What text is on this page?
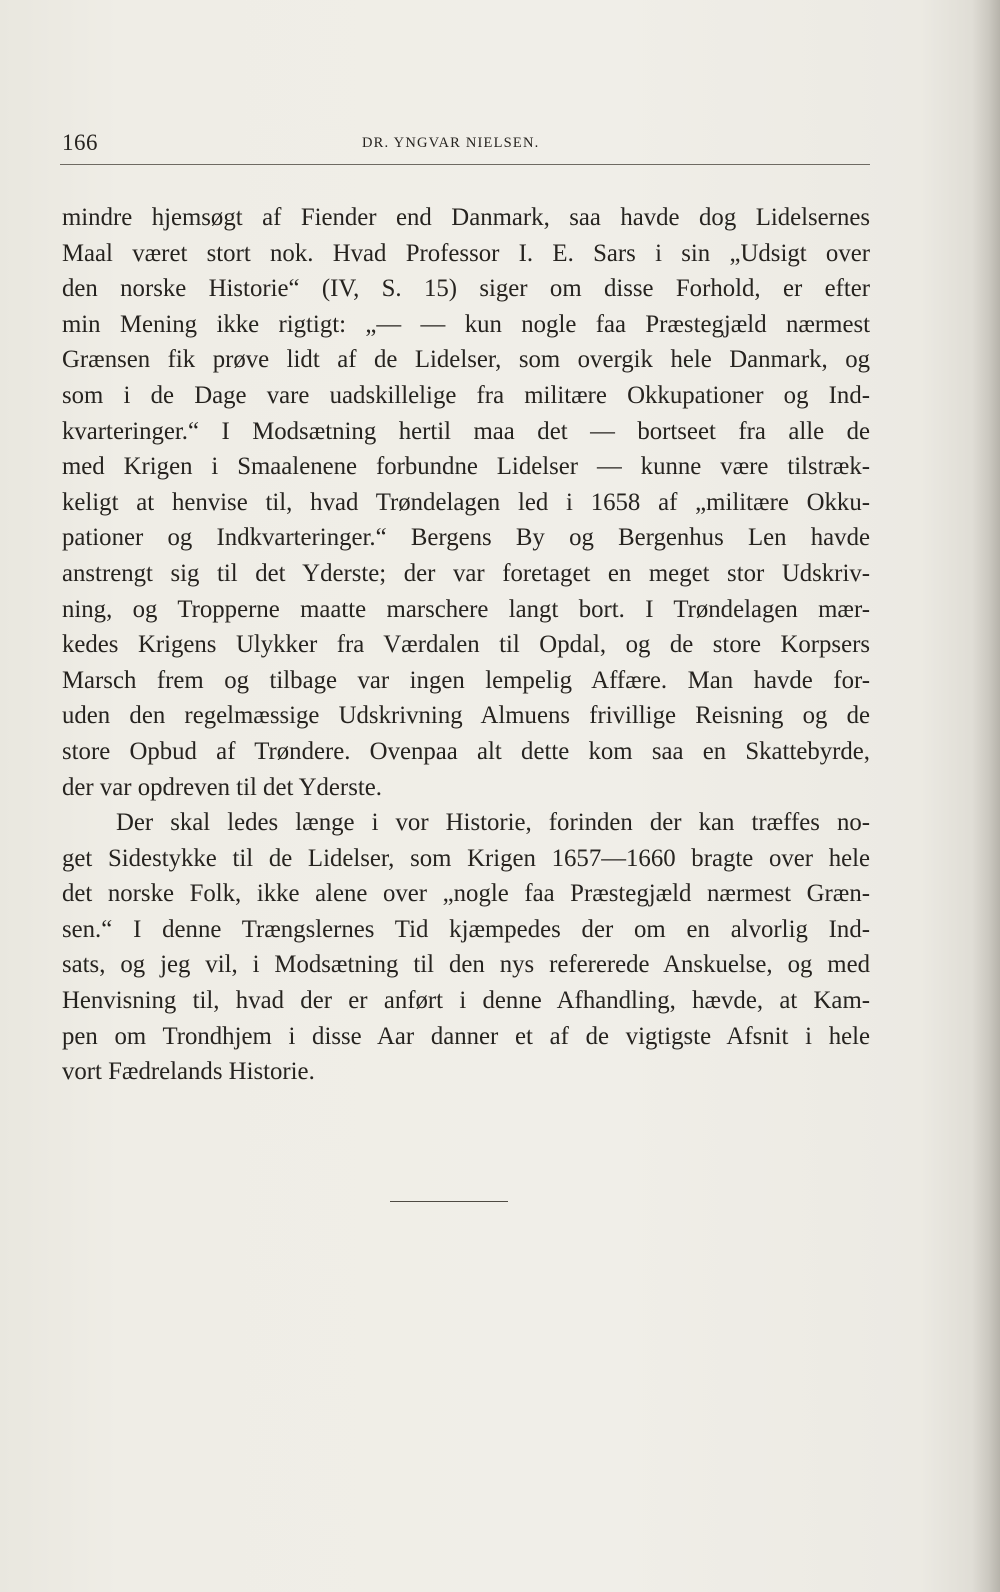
166	DR. YNGVAR NIELSEN.
mindre hjemsøgt af Fiender end Danmark, saa havde dog Lidelsernes
Maal været stort nok. Hvad Professor I. E. Sars i sin „Udsigt over
den norske Historie“ (IV, S. 15) siger om disse Forhold, er efter
min Mening ikke rigtigt: „— — kun nogle faa Præstegjæld nærmest
Grænsen fik prøve lidt af de Lidelser, som overgik hele Danmark, og
som i de Dage vare uadskillelige fra militære Okkupationer og Ind-
kvarteringer.“ I Modsætning hertil maa det — bortseet fra alle de
med Krigen i Smaalenene forbundne Lidelser — kunne være tilstræk-
keligt at henvise til, hvad Trøndelagen led i 1658 af „militære Okku-
pationer og Indkvarteringer.“ Bergens By og Bergenhus Len havde
anstrengt sig til det Yderste; der var foretaget en meget stor Udskriv-
ning, og Tropperne maatte marschere langt bort. I Trøndelagen mær-
kedes Krigens Ulykker fra Værdalen til Opdal, og de store Korpsers
Marsch frem og tilbage var ingen lempelig Affære. Man havde for-
uden den regelmæssige Udskrivning Almuens frivillige Reisning og de
store Opbud af Trøndere. Ovenpaa alt dette kom saa en Skattebyrde,
der var opdreven til det Yderste.
Der skal ledes længe i vor Historie, forinden der kan træffes no-
get Sidestykke til de Lidelser, som Krigen 1657—1660 bragte over hele
det norske Folk, ikke alene over „nogle faa Præstegjæld nærmest Græn-
sen.“ I denne Trængslernes Tid kjæmpedes der om en alvorlig Ind-
sats, og jeg vil, i Modsætning til den nys refererede Anskuelse, og med
Henvisning til, hvad der er anført i denne Afhandling, hævde, at Kam-
pen om Trondhjem i disse Aar danner et af de vigtigste Afsnit i hele
vort Fædrelands Historie.
